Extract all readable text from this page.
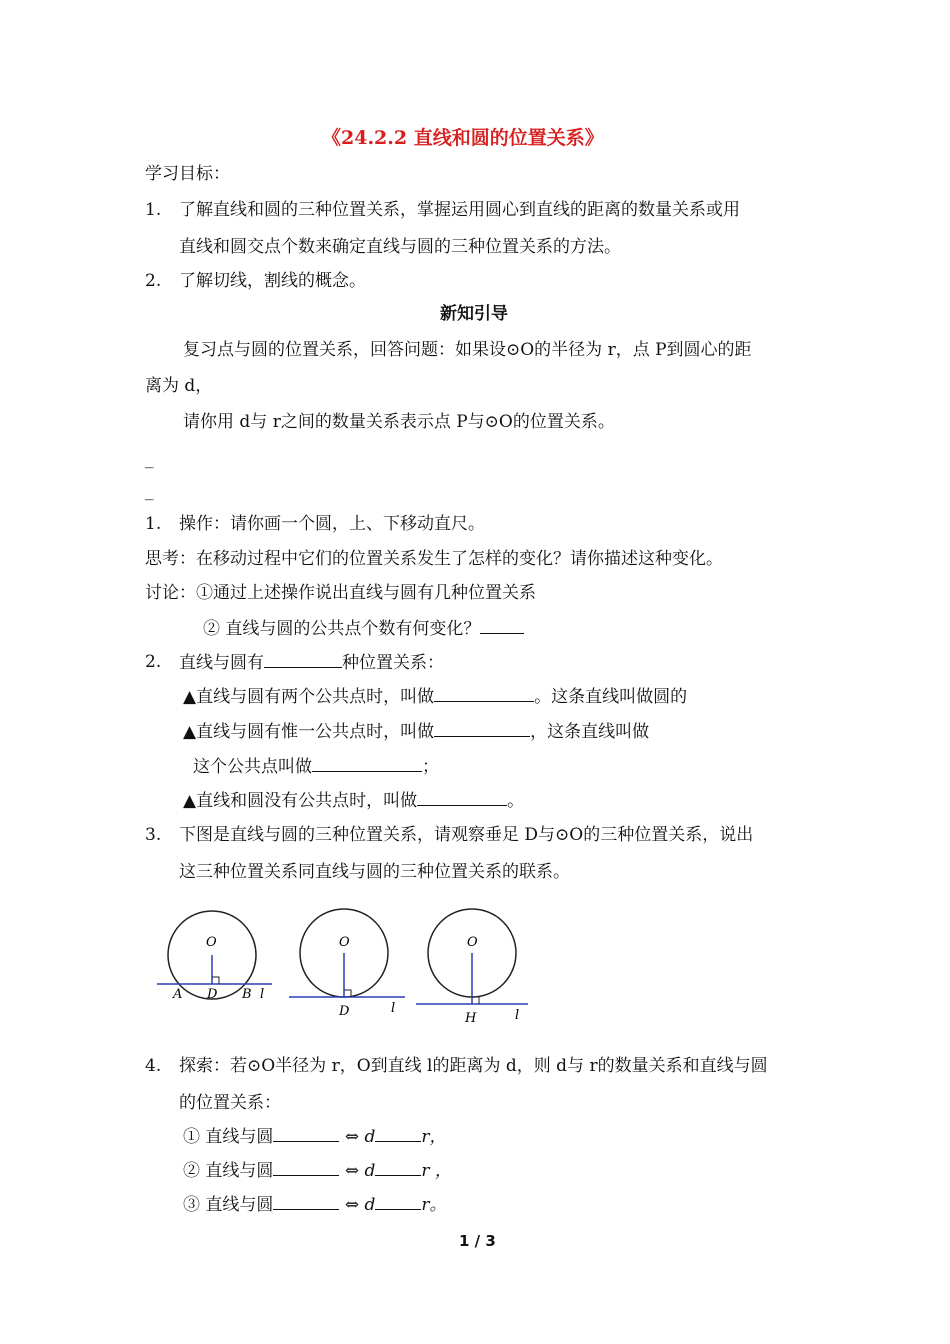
《24.2.2 直线和圆的位置关系》
学习目标：
1. 了解直线和圆的三种位置关系，掌握运用圆心到直线的距离的数量关系或用
直线和圆交点个数来确定直线与圆的三种位置关系的方法。
2. 了解切线，割线的概念。
新知引导
复习点与圆的位置关系，回答问题：如果设⊙O的半径为 r，点 P到圆心的距
离为 d，
请你用 d与 r之间的数量关系表示点 P与⊙O的位置关系。
_
_
1. 操作：请你画一个圆，上、下移动直尺。
思考：在移动过程中它们的位置关系发生了怎样的变化？请你描述这种变化。
讨论：①通过上述操作说出直线与圆有几种位置关系
② 直线与圆的公共点个数有何变化？
2. 直线与圆有	种位置关系：
▲直线与圆有两个公共点时，叫做	。这条直线叫做圆的
▲直线与圆有惟一公共点时，叫做	，这条直线叫做
这个公共点叫做	；
▲直线和圆没有公共点时，叫做	。
3. 下图是直线与圆的三种位置关系，请观察垂足 D与⊙O的三种位置关系，说出
这三种位置关系同直线与圆的三种位置关系的联系。
O
A D B l
O
D	l
O
H	l
4. 探索：若⊙O半径为 r，O到直线 l的距离为 d，则 d与 r的数量关系和直线与圆
的位置关系：
① 直线与圆	⇔ d	r，
② 直线与圆	⇔ d	r ，
③ 直线与圆	⇔ d	r。
1 / 3
